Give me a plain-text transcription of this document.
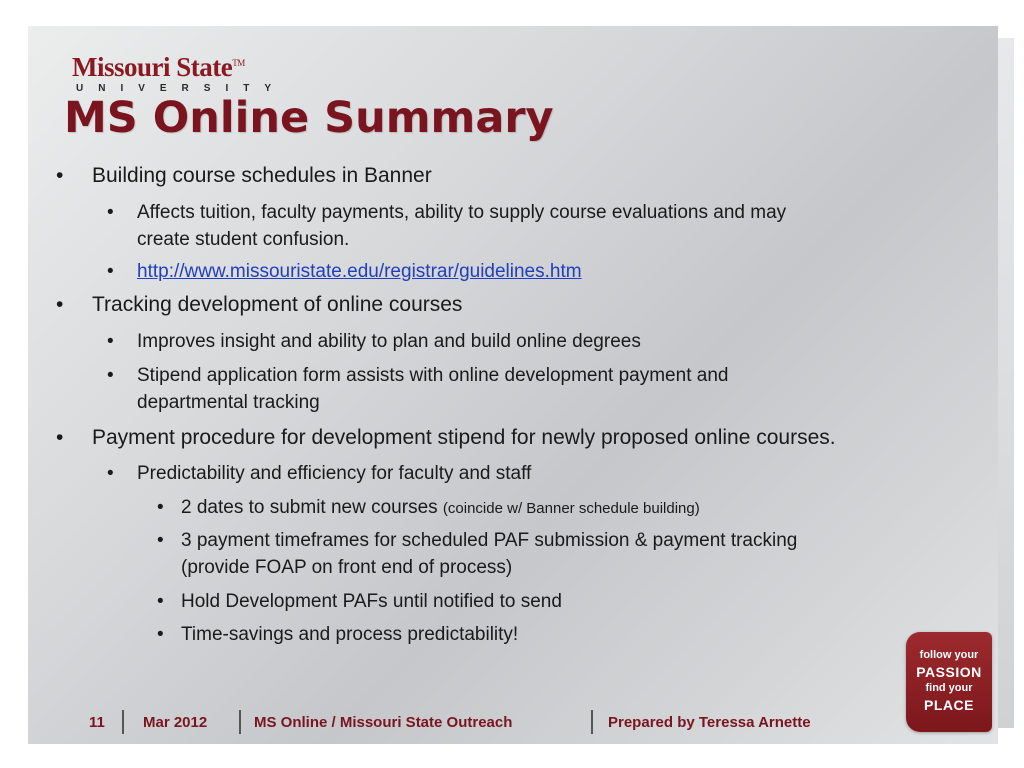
Missouri State™
UNIVERSITY
MS Online Summary
• Building course schedules in Banner
• Affects tuition, faculty payments, ability to supply course evaluations and may
create student confusion.
• http://www.missouristate.edu/registrar/guidelines.htm
• Tracking development of online courses
• Improves insight and ability to plan and build online degrees
• Stipend application form assists with online development payment and
departmental tracking
• Payment procedure for development stipend for newly proposed online courses.
• Predictability and efficiency for faculty and staff
• 2 dates to submit new courses (coincide w/ Banner schedule building)
• 3 payment timeframes for scheduled PAF submission & payment tracking
(provide FOAP on front end of process)
• Hold Development PAFs until notified to send
• Time-savings and process predictability!
11	Mar 2012	MS Online / Missouri State Outreach	Prepared by Teressa Arnette
follow your
PASSION
find your
PLACE
